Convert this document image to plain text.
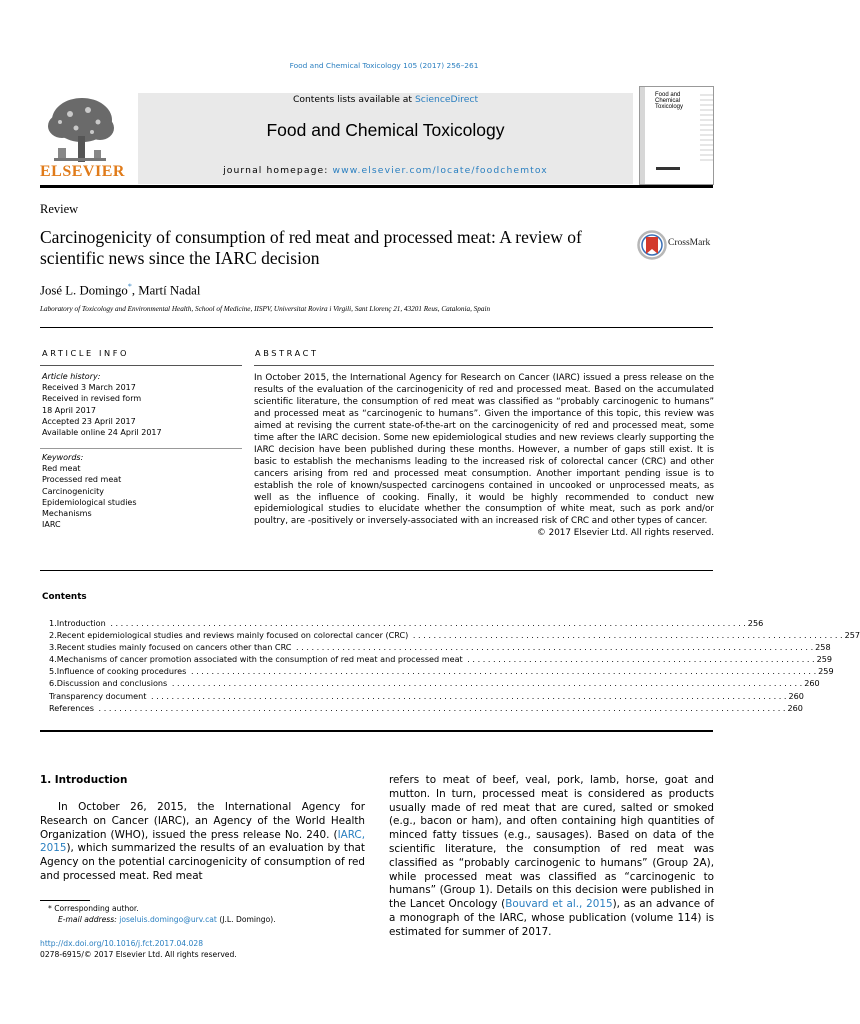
Food and Chemical Toxicology 105 (2017) 256–261
Contents lists available at ScienceDirect
Food and Chemical Toxicology
journal homepage: www.elsevier.com/locate/foodchemtox
ELSEVIER
Food and Chemical Toxicology
Review
Carcinogenicity of consumption of red meat and processed meat: A review of scientific news since the IARC decision
CrossMark
José L. Domingo*, Martí Nadal
Laboratory of Toxicology and Environmental Health, School of Medicine, IISPV, Universitat Rovira i Virgili, Sant Llorenç 21, 43201 Reus, Catalonia, Spain
ARTICLE INFO
Article history:
Received 3 March 2017
Received in revised form
18 April 2017
Accepted 23 April 2017
Available online 24 April 2017
Keywords:
Red meat
Processed red meat
Carcinogenicity
Epidemiological studies
Mechanisms
IARC
ABSTRACT
In October 2015, the International Agency for Research on Cancer (IARC) issued a press release on the results of the evaluation of the carcinogenicity of red and processed meat. Based on the accumulated scientific literature, the consumption of red meat was classified as “probably carcinogenic to humans” and processed meat as “carcinogenic to humans”. Given the importance of this topic, this review was aimed at revising the current state-of-the-art on the carcinogenicity of red and processed meat, some time after the IARC decision. Some new epidemiological studies and new reviews clearly supporting the IARC decision have been published during these months. However, a number of gaps still exist. It is basic to establish the mechanisms leading to the increased risk of colorectal cancer (CRC) and other cancers arising from red and processed meat consumption. Another important pending issue is to establish the role of known/suspected carcinogens contained in uncooked or unprocessed meats, as well as the influence of cooking. Finally, it would be highly recommended to conduct new epidemiological studies to elucidate whether the consumption of white meat, such as pork and/or poultry, are -positively or inversely-associated with an increased risk of CRC and other types of cancer.
© 2017 Elsevier Ltd. All rights reserved.
Contents
1. Introduction . . . . . . . . . . . . . . . . . . . . . . . . . . . . . . . . . . . . . . . . . . . . . . . . . . . . . . . . . . . . . . . . . . . . . . . . . . . . . . . . . . . . . . . . . . . . . . . . . . . . . . . . . . . . . . . . . . . . . . . . . . . . 256
2. Recent epidemiological studies and reviews mainly focused on colorectal cancer (CRC) . . . . . . . . . . . . . . . . . . . . . . . . . . . . . . . . . . . . . . . . . . . . . . . . . . . . . . . . . . . . . . . . . . . . . . . . . . . . . . . . . . . . 257
3. Recent studies mainly focused on cancers other than CRC . . . . . . . . . . . . . . . . . . . . . . . . . . . . . . . . . . . . . . . . . . . . . . . . . . . . . . . . . . . . . . . . . . . . . . . . . . . . . . . . . . . . . . . . . . . . . . . . . . . . . 258
4. Mechanisms of cancer promotion associated with the consumption of red meat and processed meat . . . . . . . . . . . . . . . . . . . . . . . . . . . . . . . . . . . . . . . . . . . . . . . . . . . . . . . . . . . . . . . . . . . . 259
5. Influence of cooking procedures . . . . . . . . . . . . . . . . . . . . . . . . . . . . . . . . . . . . . . . . . . . . . . . . . . . . . . . . . . . . . . . . . . . . . . . . . . . . . . . . . . . . . . . . . . . . . . . . . . . . . . . . . . . . . . . . . . . . . . . . . . 259
6. Discussion and conclusions . . . . . . . . . . . . . . . . . . . . . . . . . . . . . . . . . . . . . . . . . . . . . . . . . . . . . . . . . . . . . . . . . . . . . . . . . . . . . . . . . . . . . . . . . . . . . . . . . . . . . . . . . . . . . . . . . . . . . . . . . . . 260
Transparency document . . . . . . . . . . . . . . . . . . . . . . . . . . . . . . . . . . . . . . . . . . . . . . . . . . . . . . . . . . . . . . . . . . . . . . . . . . . . . . . . . . . . . . . . . . . . . . . . . . . . . . . . . . . . . . . . . . . . . . . . . . . . 260
References . . . . . . . . . . . . . . . . . . . . . . . . . . . . . . . . . . . . . . . . . . . . . . . . . . . . . . . . . . . . . . . . . . . . . . . . . . . . . . . . . . . . . . . . . . . . . . . . . . . . . . . . . . . . . . . . . . . . . . . . . . . . . . . . . . . . . . 260
1. Introduction
In October 26, 2015, the International Agency for Research on Cancer (IARC), an Agency of the World Health Organization (WHO), issued the press release No. 240. (IARC, 2015), which summarized the results of an evaluation by that Agency on the potential carcinogenicity of consumption of red and processed meat. Red meat
refers to meat of beef, veal, pork, lamb, horse, goat and mutton. In turn, processed meat is considered as products usually made of red meat that are cured, salted or smoked (e.g., bacon or ham), and often containing high quantities of minced fatty tissues (e.g., sausages). Based on data of the scientific literature, the consumption of red meat was classified as “probably carcinogenic to humans” (Group 2A), while processed meat was classified as “carcinogenic to humans” (Group 1). Details on this decision were published in the Lancet Oncology (Bouvard et al., 2015), as an advance of a monograph of the IARC, whose publication (volume 114) is estimated for summer of 2017.
* Corresponding author.
E-mail address: joseluis.domingo@urv.cat (J.L. Domingo).
http://dx.doi.org/10.1016/j.fct.2017.04.028
0278-6915/© 2017 Elsevier Ltd. All rights reserved.
